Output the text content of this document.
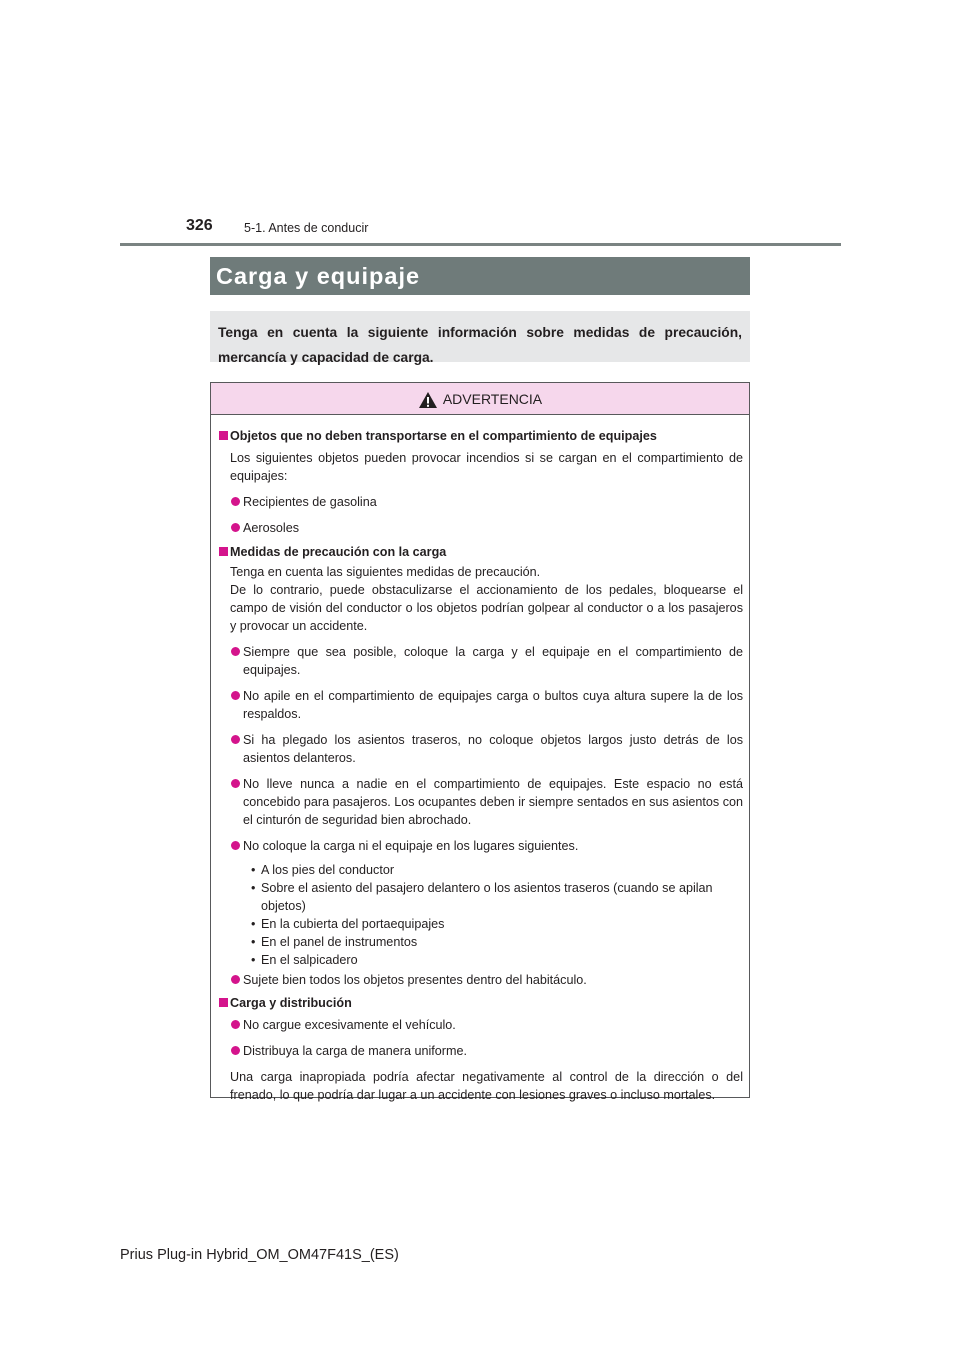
326	5-1. Antes de conducir
Carga y equipaje
Tenga en cuenta la siguiente información sobre medidas de precaución, mercancía y capacidad de carga.
ADVERTENCIA
Objetos que no deben transportarse en el compartimiento de equipajes
Los siguientes objetos pueden provocar incendios si se cargan en el compartimiento de equipajes:
Recipientes de gasolina
Aerosoles
Medidas de precaución con la carga
Tenga en cuenta las siguientes medidas de precaución.
De lo contrario, puede obstaculizarse el accionamiento de los pedales, bloquearse el campo de visión del conductor o los objetos podrían golpear al conductor o a los pasajeros y provocar un accidente.
Siempre que sea posible, coloque la carga y el equipaje en el compartimiento de equipajes.
No apile en el compartimiento de equipajes carga o bultos cuya altura supere la de los respaldos.
Si ha plegado los asientos traseros, no coloque objetos largos justo detrás de los asientos delanteros.
No lleve nunca a nadie en el compartimiento de equipajes. Este espacio no está concebido para pasajeros. Los ocupantes deben ir siempre sentados en sus asientos con el cinturón de seguridad bien abrochado.
No coloque la carga ni el equipaje en los lugares siguientes.
• A los pies del conductor
• Sobre el asiento del pasajero delantero o los asientos traseros (cuando se apilan objetos)
• En la cubierta del portaequipajes
• En el panel de instrumentos
• En el salpicadero
Sujete bien todos los objetos presentes dentro del habitáculo.
Carga y distribución
No cargue excesivamente el vehículo.
Distribuya la carga de manera uniforme.
Una carga inapropiada podría afectar negativamente al control de la dirección o del frenado, lo que podría dar lugar a un accidente con lesiones graves o incluso mortales.
Prius Plug-in Hybrid_OM_OM47F41S_(ES)
